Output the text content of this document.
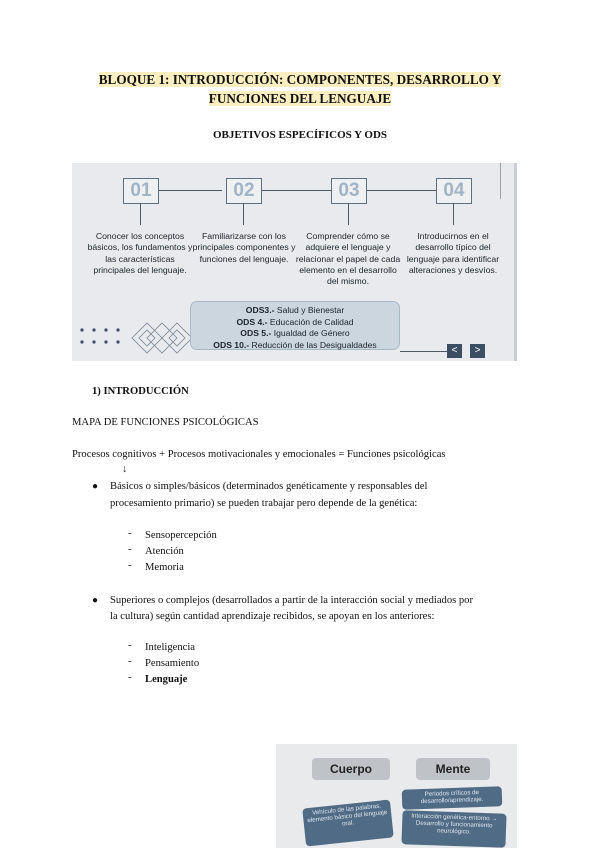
BLOQUE 1: INTRODUCCIÓN: COMPONENTES, DESARROLLO Y FUNCIONES DEL LENGUAJE
OBJETIVOS ESPECÍFICOS Y ODS
01	02	03	04
Conocer los conceptos básicos, los fundamentos y las características principales del lenguaje.
Familiarizarse con los principales componentes y funciones del lenguaje.
Comprender cómo se adquiere el lenguaje y relacionar el papel de cada elemento en el desarrollo del mismo.
Introducirnos en el desarrollo típico del lenguaje para identificar alteraciones y desvíos.
ODS3.- Salud y Bienestar
ODS 4.- Educación de Calidad
ODS 5.- Igualdad de Género
ODS 10.- Reducción de las Desigualdades
<	>
1) INTRODUCCIÓN
MAPA DE FUNCIONES PSICOLÓGICAS
Procesos cognitivos + Procesos motivacionales y emocionales = Funciones psicológicas
↓
● Básicos o simples/básicos (determinados genéticamente y responsables del
procesamiento primario) se pueden trabajar pero depende de la genética:
- Sensopercepción
- Atención
- Memoria
● Superiores o complejos (desarrollados a partir de la interacción social y mediados por
la cultura) según cantidad aprendizaje recibidos, se apoyan en los anteriores:
- Inteligencia
- Pensamiento
- Lenguaje
Cuerpo	Mente
Periodos críticos de desarrollo/aprendizaje.
Vehículo de las palabras, elemento básico del lenguaje oral.
Interacción genética-entorno → Desarrollo y funcionamiento neurológico.
